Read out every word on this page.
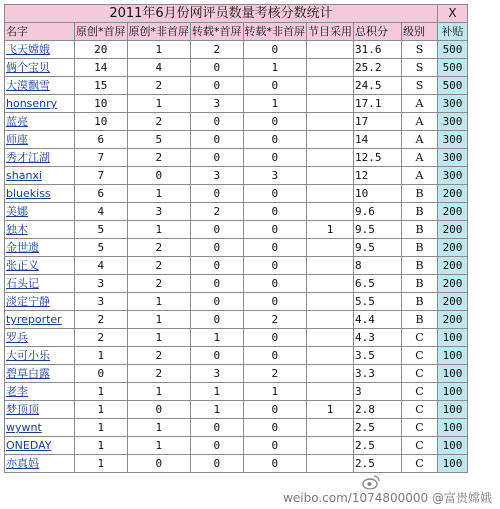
2011年6月份网评员数量考核分数统计								X
名字	原创*首屏	原创*非首屏	转载*首屏	转载*非首屏	节目采用	总积分	级别	补贴
飞天嫦娥	20	1	2	0		31.6	S	500
俩个宝贝	14	4	0	1		25.2	S	500
大漠飘雪	15	2	0	0		24.5	S	500
honsenry	10	1	3	1		17.1	A	300
蓝亮	10	2	0	0		17	A	300
师座	6	5	0	0		14	A	300
秀才江湖	7	2	0	0		12.5	A	300
shanxi	7	0	3	3		12	A	300
bluekiss	6	1	0	0		10	B	200
美娜	4	3	2	0		9.6	B	200
独木	5	1	0	0	1	9.5	B	200
金世遗	5	2	0	0		9.5	B	200
张正义	4	2	0	0		8	B	200
石头记	3	2	0	0		6.5	B	200
淡定宁静	3	1	0	0		5.5	B	200
tyreporter	2	1	0	2		4.4	B	200
罗兵	2	1	1	0		4.3	C	100
大可小乐	1	2	0	0		3.5	C	100
碧草白露	0	2	3	2		3.3	C	100
老李	1	1	1	1		3	C	100
梦顶顶	1	0	1	0	1	2.8	C	100
wywnt	1	1	0	0		2.5	C	100
ONEDAY	1	1	0	0		2.5	C	100
亦真妈	1	0	0	0		2.5	C	100
weibo.com/1074800000 @富贵嫦娥
